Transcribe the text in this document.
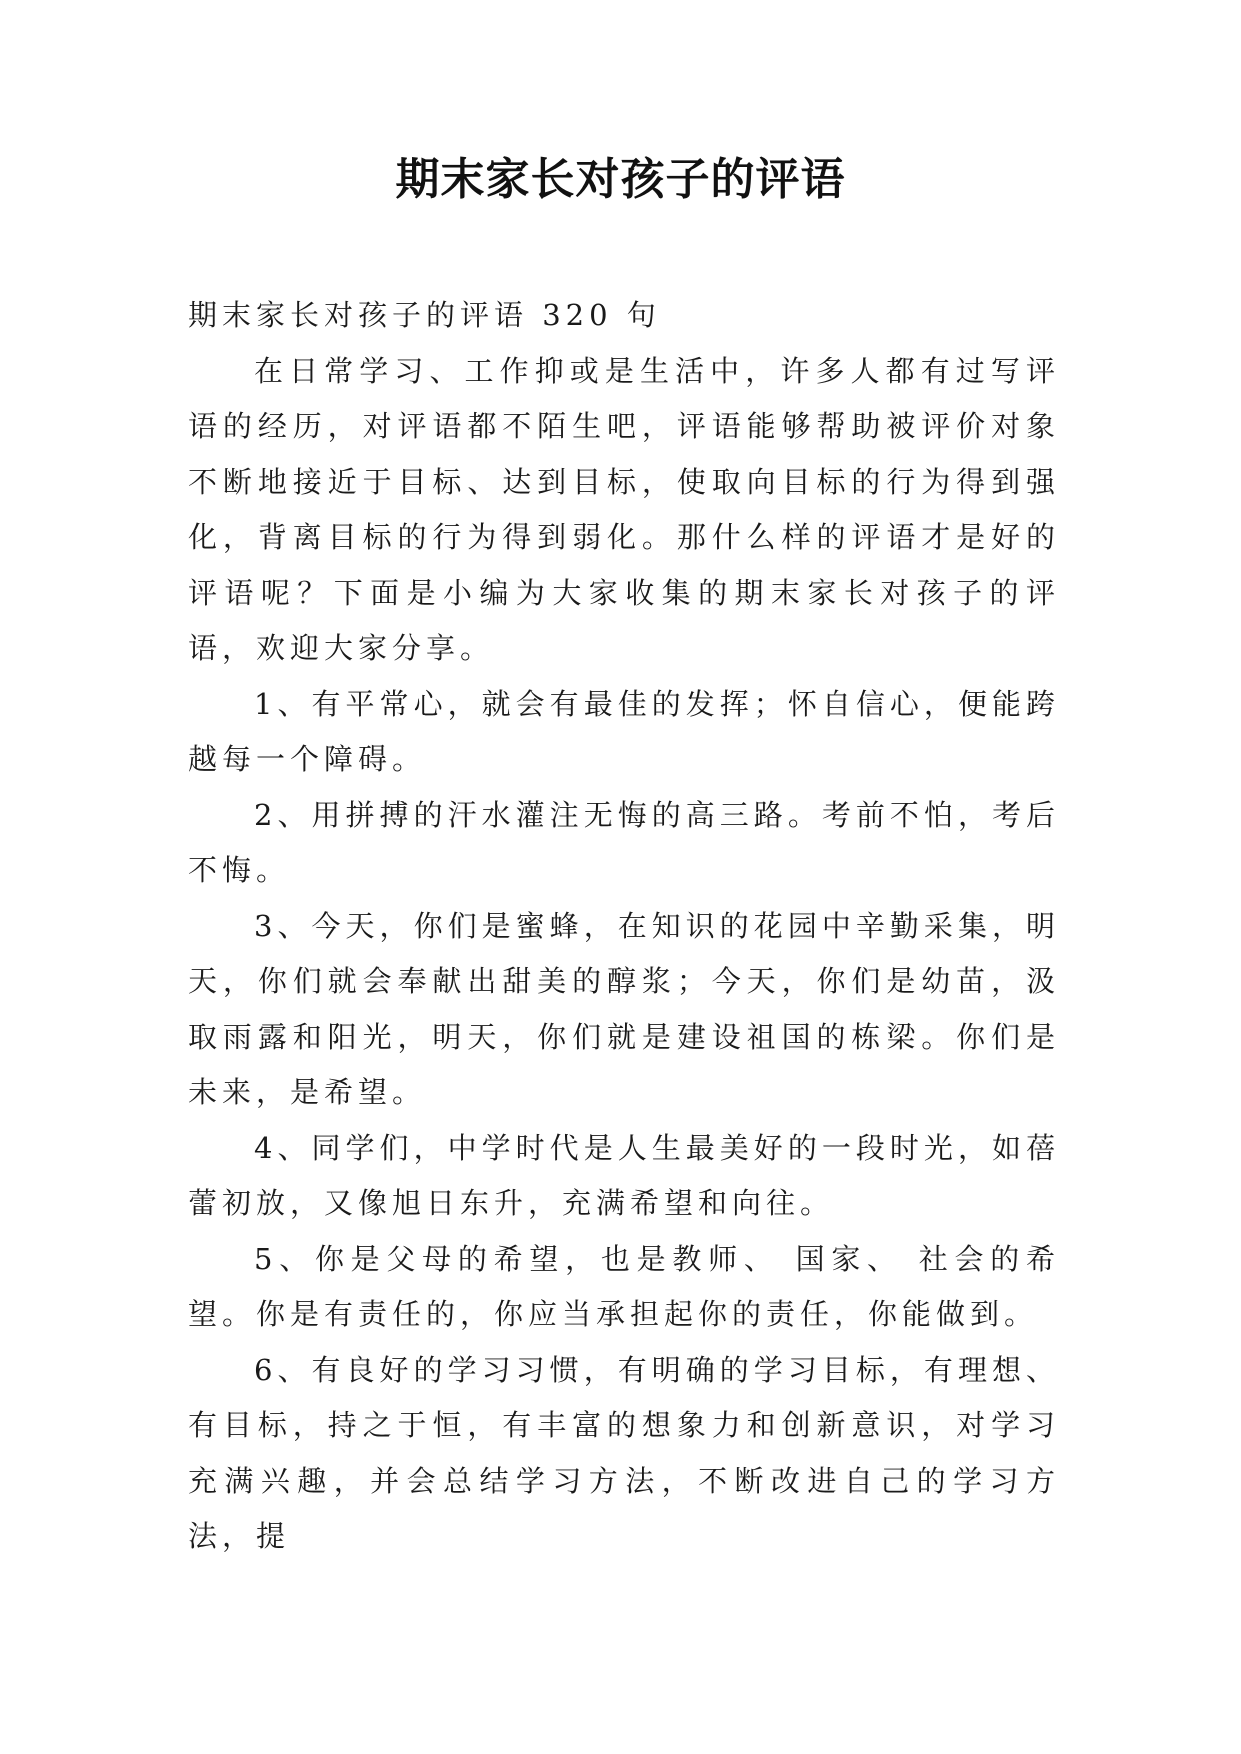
期末家长对孩子的评语

期末家长对孩子的评语 320 句

在日常学习、工作抑或是生活中，许多人都有过写评语的经历，对评语都不陌生吧，评语能够帮助被评价对象不断地接近于目标、达到目标，使取向目标的行为得到强化，背离目标的行为得到弱化。那什么样的评语才是好的评语呢？下面是小编为大家收集的期末家长对孩子的评语，欢迎大家分享。

1、有平常心，就会有最佳的发挥；怀自信心，便能跨越每一个障碍。

2、用拼搏的汗水灌注无悔的高三路。考前不怕，考后不悔。

3、今天，你们是蜜蜂，在知识的花园中辛勤采集，明天，你们就会奉献出甜美的醇浆；今天，你们是幼苗，汲取雨露和阳光，明天，你们就是建设祖国的栋梁。你们是未来，是希望。

4、同学们，中学时代是人生最美好的一段时光，如蓓蕾初放，又像旭日东升，充满希望和向往。

5、你是父母的希望，也是教师、 国家、 社会的希望。你是有责任的，你应当承担起你的责任，你能做到。

6、有良好的学习习惯，有明确的学习目标，有理想、有目标，持之于恒，有丰富的想象力和创新意识，对学习充满兴趣，并会总结学习方法，不断改进自己的学习方法，提
